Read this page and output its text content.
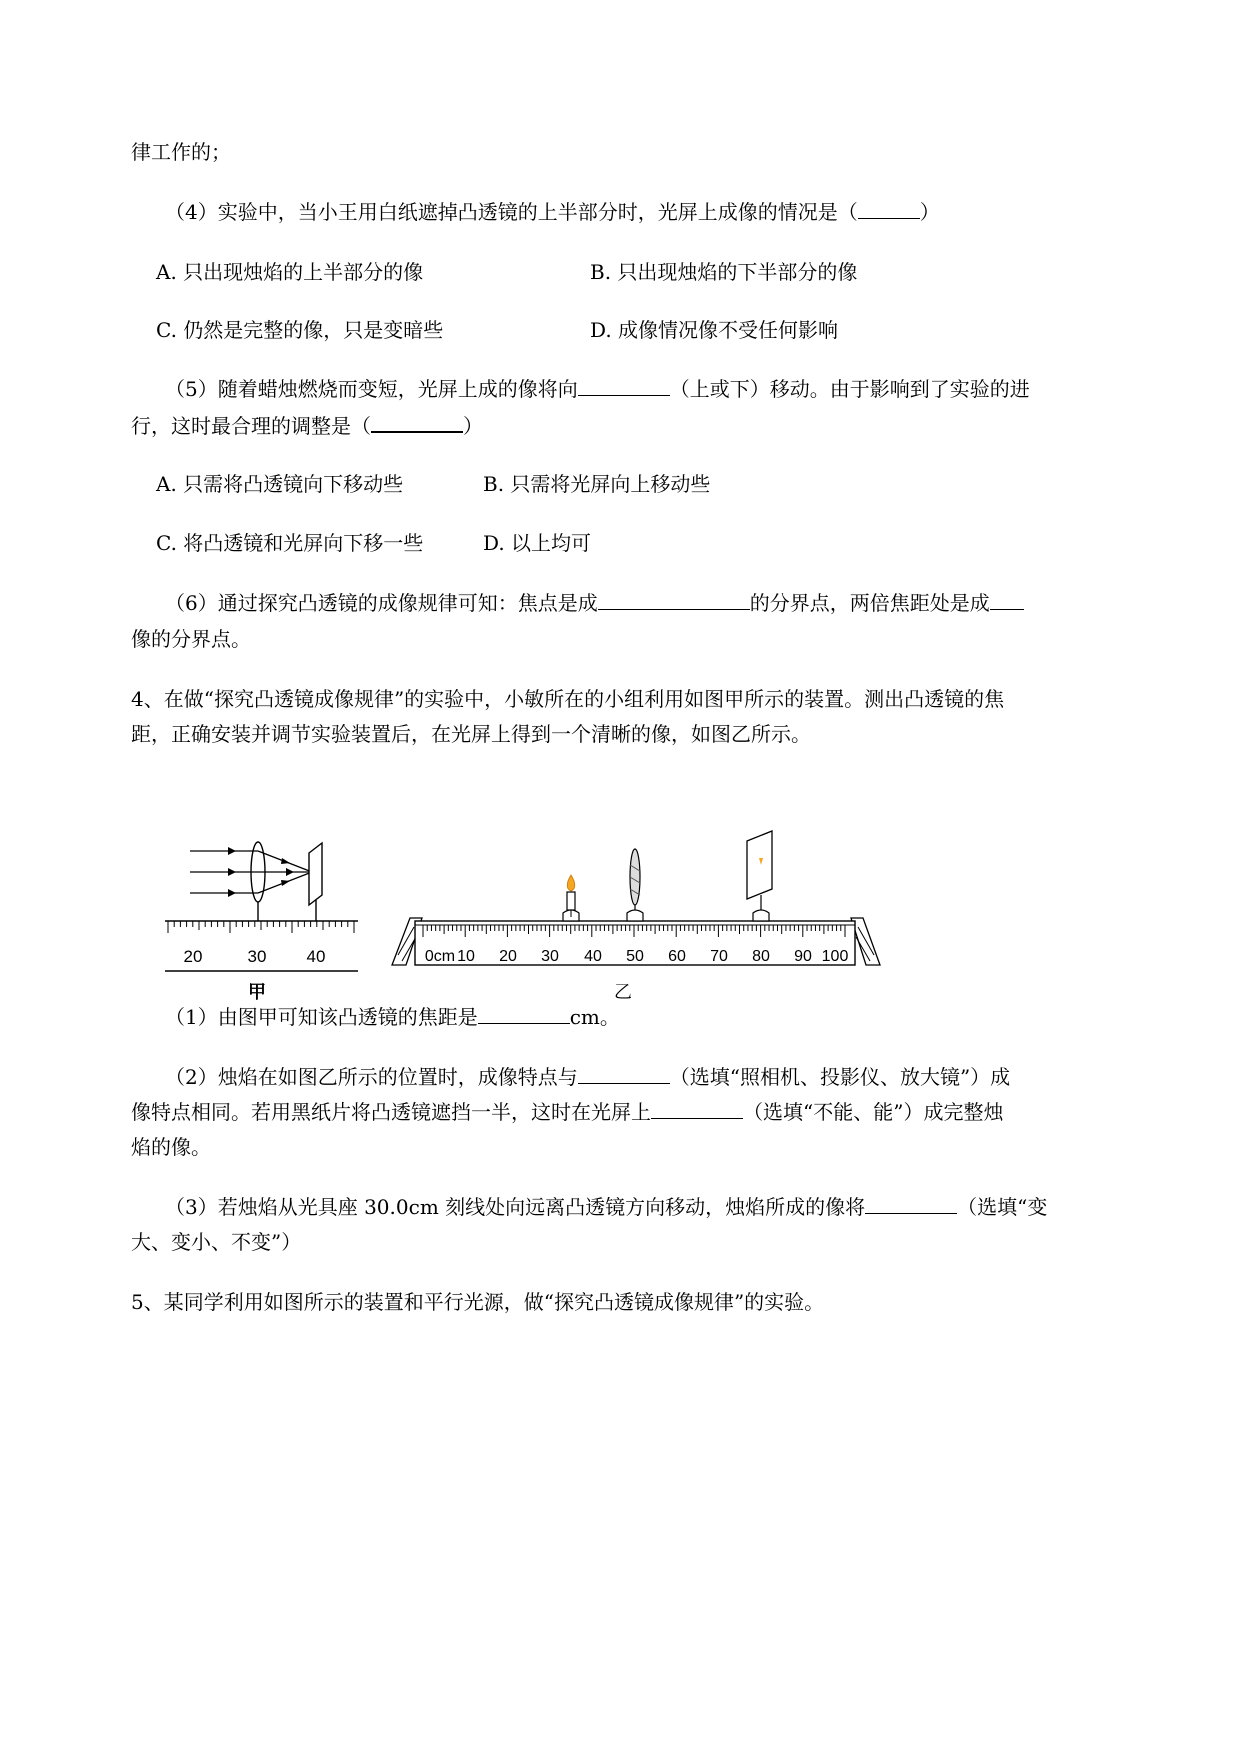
律工作的；
（4）实验中，当小王用白纸遮掉凸透镜的上半部分时，光屏上成像的情况是（	）
A. 只出现烛焰的上半部分的像	B. 只出现烛焰的下半部分的像
C. 仍然是完整的像，只是变暗些	D. 成像情况像不受任何影响
（5）随着蜡烛燃烧而变短，光屏上成的像将向	（上或下）移动。由于影响到了实验的进
行，这时最合理的调整是（	）
A. 只需将凸透镜向下移动些	B. 只需将光屏向上移动些
C. 将凸透镜和光屏向下移一些	D. 以上均可
（6）通过探究凸透镜的成像规律可知：焦点是成	的分界点，两倍焦距处是成
像的分界点。
4、在做“探究凸透镜成像规律”的实验中，小敏所在的小组利用如图甲所示的装置。测出凸透镜的焦
距，正确安装并调节实验装置后，在光屏上得到一个清晰的像，如图乙所示。
20	30 40
甲
0cm 10 20 30 40 50 60 70 80 90 100
乙
（1）由图甲可知该凸透镜的焦距是	cm。
（2）烛焰在如图乙所示的位置时，成像特点与	（选填“照相机、投影仪、放大镜”）成
像特点相同。若用黑纸片将凸透镜遮挡一半，这时在光屏上	（选填“不能、能”）成完整烛
焰的像。
（3）若烛焰从光具座 30.0cm 刻线处向远离凸透镜方向移动，烛焰所成的像将	（选填“变
大、变小、不变”）
5、某同学利用如图所示的装置和平行光源，做“探究凸透镜成像规律”的实验。
